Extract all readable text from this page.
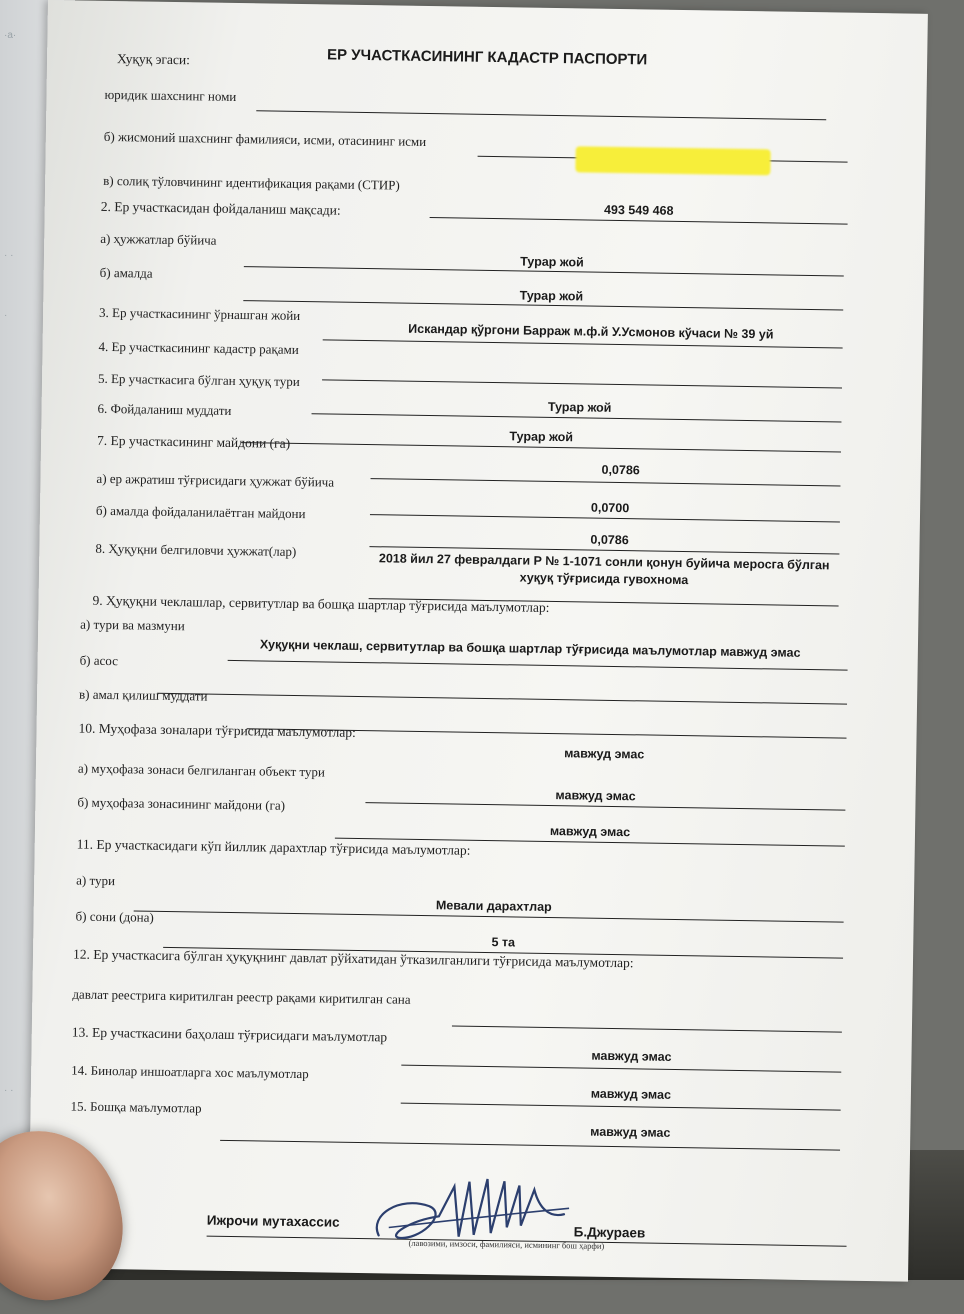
·а·
· ·
·
· ·
ЕР УЧАСТКАСИНИНГ КАДАСТР ПАСПОРТИ
Хуқуқ эгаси:
юридик шахснинг номи
б) жисмоний шахснинг фамилияси, исми, отасининг исми
в) солиқ тўловчининг идентификация рақами (СТИР)
493 549 468
2. Ер участкасидан фойдаланиш мақсади:
а) ҳужжатлар бўйича
Турар жой
б) амалда
Турар жой
3. Ер участкасининг ўрнашган жойи
Искандар қўргони Барраж м.ф.й У.Усмонов кўчаси № 39 уй
4. Ер участкасининг кадастр рақами
5. Ер участкасига бўлган ҳуқуқ тури
Турар жой
6. Фойдаланиш муддати
Турар жой
7. Ер участкасининг майдони (га)
0,0786
а) ер ажратиш тўғрисидаги ҳужжат бўйича
0,0700
б) амалда фойдаланилаётган майдони
0,0786
8. Ҳуқуқни белгиловчи ҳужжат(лар)
2018 йил 27 февралдаги Р № 1-1071 сонли қонун буйича меросга бўлган
хуқуқ тўғрисида гувохнома
9. Ҳуқуқни чеклашлар, сервитутлар ва бошқа шартлар тўғрисида маълумотлар:
а) тури ва мазмуни
Хуқуқни чеклаш, сервитутлар ва бошқа шартлар тўғрисида маълумотлар мавжуд эмас
б) асос
в) амал қилиш муддати
10. Муҳофаза зоналари тўғрисида маълумотлар:
мавжуд эмас
а) муҳофаза зонаси белгиланган объект тури
мавжуд эмас
б) муҳофаза зонасининг майдони (га)
мавжуд эмас
11. Ер участкасидаги кўп йиллик дарахтлар тўғрисида маълумотлар:
а) тури
Мевали дарахтлар
б) сони (дона)
5 та
12. Ер участкасига бўлган ҳуқуқнинг давлат рўйхатидан ўтказилганлиги тўғрисида маълумотлар:
давлат реестрига киритилган реестр рақами киритилган сана
13. Ер участкасини баҳолаш тўғрисидаги маълумотлар
мавжуд эмас
14. Бинолар иншоатларга хос маълумотлар
мавжуд эмас
15. Бошқа маълумотлар
мавжуд эмас
Ижрочи мутахассис
Б.Джураев
(лавозими, имзоси, фамилияси, исмининг бош ҳарфи)
